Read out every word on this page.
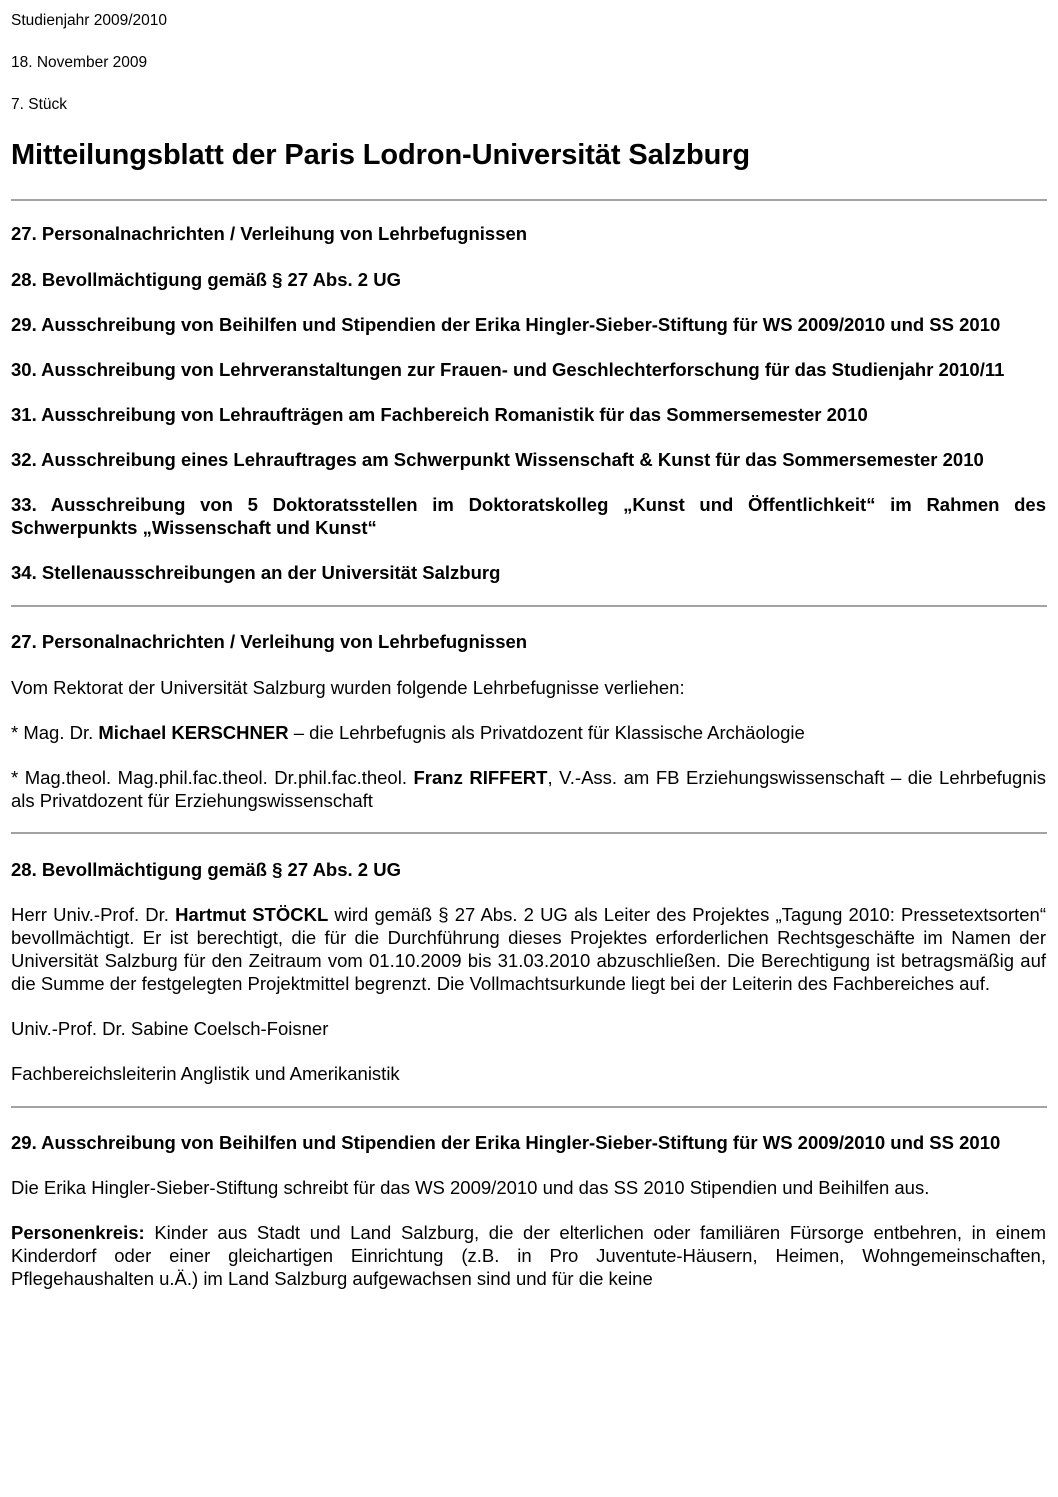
Studienjahr 2009/2010

18. November 2009

7. Stück

Mitteilungsblatt der Paris Lodron-Universität Salzburg

27. Personalnachrichten / Verleihung von Lehrbefugnissen

28. Bevollmächtigung gemäß § 27 Abs. 2 UG

29. Ausschreibung von Beihilfen und Stipendien der Erika Hingler-Sieber-Stiftung für WS 2009/2010 und SS 2010

30. Ausschreibung von Lehrveranstaltungen zur Frauen- und Geschlechterforschung für das Studienjahr 2010/11

31. Ausschreibung von Lehraufträgen am Fachbereich Romanistik für das Sommersemester 2010

32. Ausschreibung eines Lehrauftrages am Schwerpunkt Wissenschaft & Kunst für das Sommersemester 2010

33. Ausschreibung von 5 Doktoratsstellen im Doktoratskolleg „Kunst und Öffentlichkeit“ im Rahmen des Schwerpunkts „Wissenschaft und Kunst“

34. Stellenausschreibungen an der Universität Salzburg

27. Personalnachrichten / Verleihung von Lehrbefugnissen

Vom Rektorat der Universität Salzburg wurden folgende Lehrbefugnisse verliehen:

* Mag. Dr. Michael KERSCHNER – die Lehrbefugnis als Privatdozent für Klassische Archäologie

* Mag.theol. Mag.phil.fac.theol. Dr.phil.fac.theol. Franz RIFFERT, V.-Ass. am FB Erziehungswissenschaft – die Lehrbefugnis als Privatdozent für Erziehungswissenschaft

28. Bevollmächtigung gemäß § 27 Abs. 2 UG

Herr Univ.-Prof. Dr. Hartmut STÖCKL wird gemäß § 27 Abs. 2 UG als Leiter des Projektes „Tagung 2010: Pressetextsorten“ bevollmächtigt. Er ist berechtigt, die für die Durchführung dieses Projektes erforderlichen Rechtsgeschäfte im Namen der Universität Salzburg für den Zeitraum vom 01.10.2009 bis 31.03.2010 abzuschließen. Die Berechtigung ist betragsmäßig auf die Summe der festgelegten Projektmittel begrenzt. Die Vollmachtsurkunde liegt bei der Leiterin des Fachbereiches auf.

Univ.-Prof. Dr. Sabine Coelsch-Foisner

Fachbereichsleiterin Anglistik und Amerikanistik

29. Ausschreibung von Beihilfen und Stipendien der Erika Hingler-Sieber-Stiftung für WS 2009/2010 und SS 2010

Die Erika Hingler-Sieber-Stiftung schreibt für das WS 2009/2010 und das SS 2010 Stipendien und Beihilfen aus.

Personenkreis: Kinder aus Stadt und Land Salzburg, die der elterlichen oder familiären Fürsorge entbehren, in einem Kinderdorf oder einer gleichartigen Einrichtung (z.B. in Pro Juventute-Häusern, Heimen, Wohngemeinschaften, Pflegehaushalten u.Ä.) im Land Salzburg aufgewachsen sind und für die keine
